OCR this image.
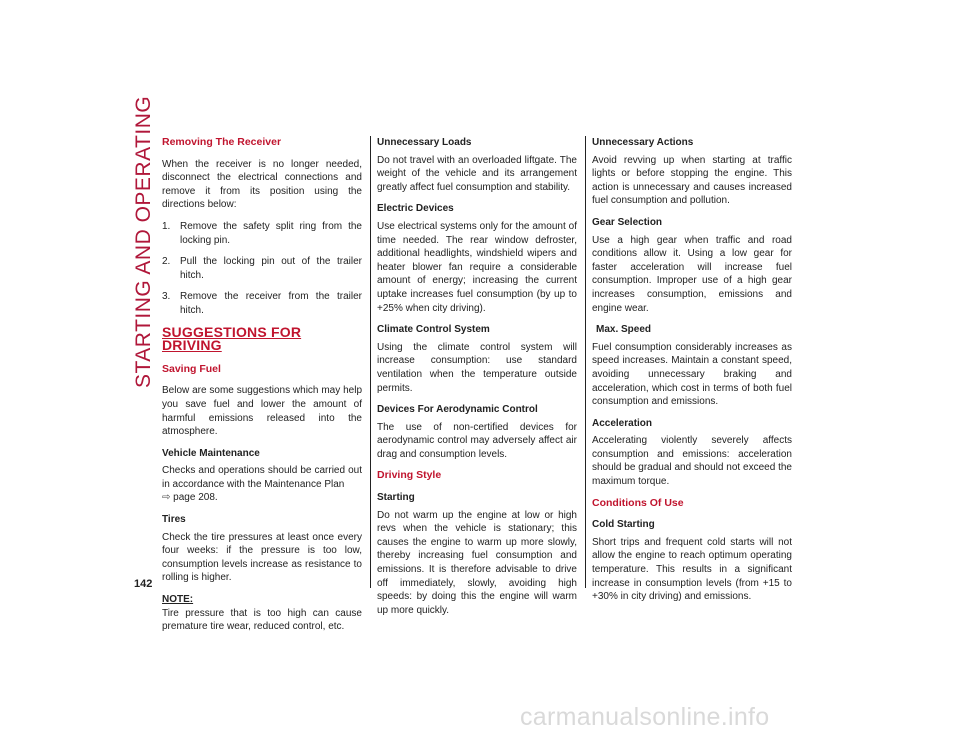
STARTING AND OPERATING
142
Removing The Receiver

When the receiver is no longer needed, disconnect the electrical connections and remove it from its position using the directions below:

1. Remove the safety split ring from the locking pin.
2. Pull the locking pin out of the trailer hitch.
3. Remove the receiver from the trailer hitch.
SUGGESTIONS FOR DRIVING
Saving Fuel

Below are some suggestions which may help you save fuel and lower the amount of harmful emissions released into the atmosphere.

Vehicle Maintenance

Checks and operations should be carried out in accordance with the Maintenance Plan

⇨ page 208.
Tires

Check the tire pressures at least once every four weeks: if the pressure is too low, consumption levels increase as resistance to rolling is higher.

NOTE:

Tire pressure that is too high can cause premature tire wear, reduced control, etc.

Unnecessary Loads

Do not travel with an overloaded liftgate. The weight of the vehicle and its arrangement greatly affect fuel consumption and stability.

Electric Devices

Use electrical systems only for the amount of time needed. The rear window defroster, additional headlights, windshield wipers and heater blower fan require a considerable amount of energy; increasing the current uptake increases fuel consumption (by up to +25% when city driving).

Climate Control System

Using the climate control system will increase consumption: use standard ventilation when the temperature outside permits.

Devices For Aerodynamic Control

The use of non-certified devices for aerodynamic control may adversely affect air drag and consumption levels.

Driving Style
Starting

Do not warm up the engine at low or high revs when the vehicle is stationary; this causes the engine to warm up more slowly, thereby increasing fuel consumption and emissions. It is therefore advisable to drive off immediately, slowly, avoiding high speeds: by doing this the engine will warm up more quickly.

Unnecessary Actions

Avoid revving up when starting at traffic lights or before stopping the engine. This action is unnecessary and causes increased fuel consumption and pollution.

Gear Selection

Use a high gear when traffic and road conditions allow it. Using a low gear for faster acceleration will increase fuel consumption. Improper use of a high gear increases consumption, emissions and engine wear.

Max. Speed

Fuel consumption considerably increases as speed increases. Maintain a constant speed, avoiding unnecessary braking and acceleration, which cost in terms of both fuel consumption and emissions.

Acceleration

Accelerating violently severely affects consumption and emissions: acceleration should be gradual and should not exceed the maximum torque.

Conditions Of Use
Cold Starting

Short trips and frequent cold starts will not allow the engine to reach optimum operating temperature. This results in a significant increase in consumption levels (from +15 to +30% in city driving) and emissions.

carmanualsonline.info
